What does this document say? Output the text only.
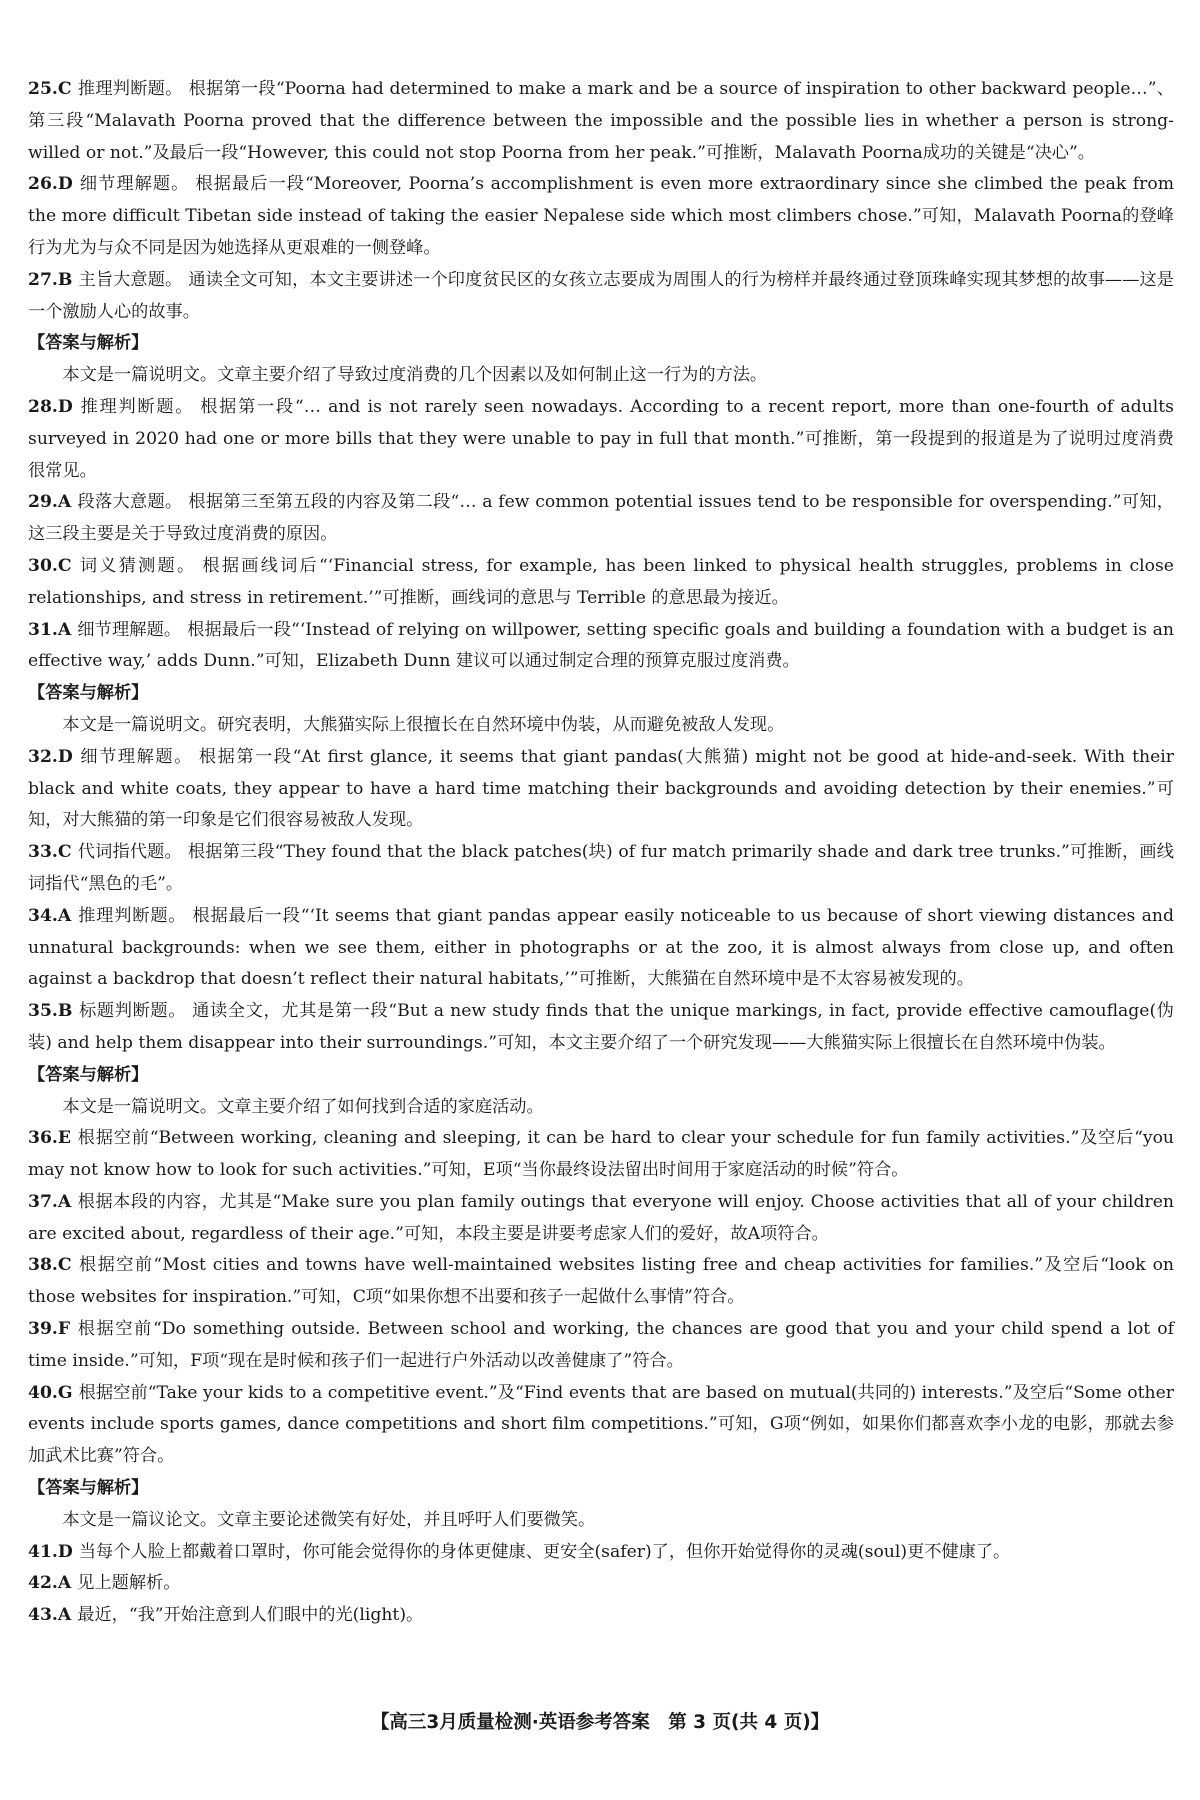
25.C 推理判断题。 根据第一段“Poorna had determined to make a mark and be a source of inspiration to other backward people…”、第三段“Malavath Poorna proved that the difference between the impossible and the possible lies in whether a person is strong-willed or not.”及最后一段“However, this could not stop Poorna from her peak.”可推断，Malavath Poorna成功的关键是“决心”。

26.D 细节理解题。 根据最后一段“Moreover, Poorna’s accomplishment is even more extraordinary since she climbed the peak from the more difficult Tibetan side instead of taking the easier Nepalese side which most climbers chose.”可知，Malavath Poorna的登峰行为尤为与众不同是因为她选择从更艰难的一侧登峰。

27.B 主旨大意题。 通读全文可知，本文主要讲述一个印度贫民区的女孩立志要成为周围人的行为榜样并最终通过登顶珠峰实现其梦想的故事——这是一个激励人心的故事。

【答案与解析】

本文是一篇说明文。文章主要介绍了导致过度消费的几个因素以及如何制止这一行为的方法。

28.D 推理判断题。 根据第一段“… and is not rarely seen nowadays. According to a recent report, more than one-fourth of adults surveyed in 2020 had one or more bills that they were unable to pay in full that month.”可推断，第一段提到的报道是为了说明过度消费很常见。

29.A 段落大意题。 根据第三至第五段的内容及第二段“… a few common potential issues tend to be responsible for overspending.”可知，这三段主要是关于导致过度消费的原因。

30.C 词义猜测题。 根据画线词后“‘Financial stress, for example, has been linked to physical health struggles, problems in close relationships, and stress in retirement.’”可推断，画线词的意思与 Terrible 的意思最为接近。

31.A 细节理解题。 根据最后一段“‘Instead of relying on willpower, setting specific goals and building a foundation with a budget is an effective way,’ adds Dunn.”可知，Elizabeth Dunn 建议可以通过制定合理的预算克服过度消费。

【答案与解析】

本文是一篇说明文。研究表明，大熊猫实际上很擅长在自然环境中伪装，从而避免被敌人发现。

32.D 细节理解题。 根据第一段“At first glance, it seems that giant pandas(大熊猫) might not be good at hide-and-seek. With their black and white coats, they appear to have a hard time matching their backgrounds and avoiding detection by their enemies.”可知，对大熊猫的第一印象是它们很容易被敌人发现。

33.C 代词指代题。 根据第三段“They found that the black patches(块) of fur match primarily shade and dark tree trunks.”可推断，画线词指代“黑色的毛”。

34.A 推理判断题。 根据最后一段“‘It seems that giant pandas appear easily noticeable to us because of short viewing distances and unnatural backgrounds: when we see them, either in photographs or at the zoo, it is almost always from close up, and often against a backdrop that doesn’t reflect their natural habitats,’”可推断，大熊猫在自然环境中是不太容易被发现的。

35.B 标题判断题。 通读全文，尤其是第一段“But a new study finds that the unique markings, in fact, provide effective camouflage(伪装) and help them disappear into their surroundings.”可知，本文主要介绍了一个研究发现——大熊猫实际上很擅长在自然环境中伪装。

【答案与解析】

本文是一篇说明文。文章主要介绍了如何找到合适的家庭活动。

36.E 根据空前“Between working, cleaning and sleeping, it can be hard to clear your schedule for fun family activities.”及空后“you may not know how to look for such activities.”可知，E项“当你最终设法留出时间用于家庭活动的时候”符合。

37.A 根据本段的内容，尤其是“Make sure you plan family outings that everyone will enjoy. Choose activities that all of your children are excited about, regardless of their age.”可知，本段主要是讲要考虑家人们的爱好，故A项符合。

38.C 根据空前“Most cities and towns have well-maintained websites listing free and cheap activities for families.”及空后“look on those websites for inspiration.”可知，C项“如果你想不出要和孩子一起做什么事情”符合。

39.F 根据空前“Do something outside. Between school and working, the chances are good that you and your child spend a lot of time inside.”可知，F项“现在是时候和孩子们一起进行户外活动以改善健康了”符合。

40.G 根据空前“Take your kids to a competitive event.”及“Find events that are based on mutual(共同的) interests.”及空后“Some other events include sports games, dance competitions and short film competitions.”可知，G项“例如，如果你们都喜欢李小龙的电影，那就去参加武术比赛”符合。

【答案与解析】

本文是一篇议论文。文章主要论述微笑有好处，并且呼吁人们要微笑。

41.D 当每个人脸上都戴着口罩时，你可能会觉得你的身体更健康、更安全(safer)了，但你开始觉得你的灵魂(soul)更不健康了。

42.A 见上题解析。

43.A 最近，“我”开始注意到人们眼中的光(light)。

【高三3月质量检测·英语参考答案　第 3 页(共 4 页)】
